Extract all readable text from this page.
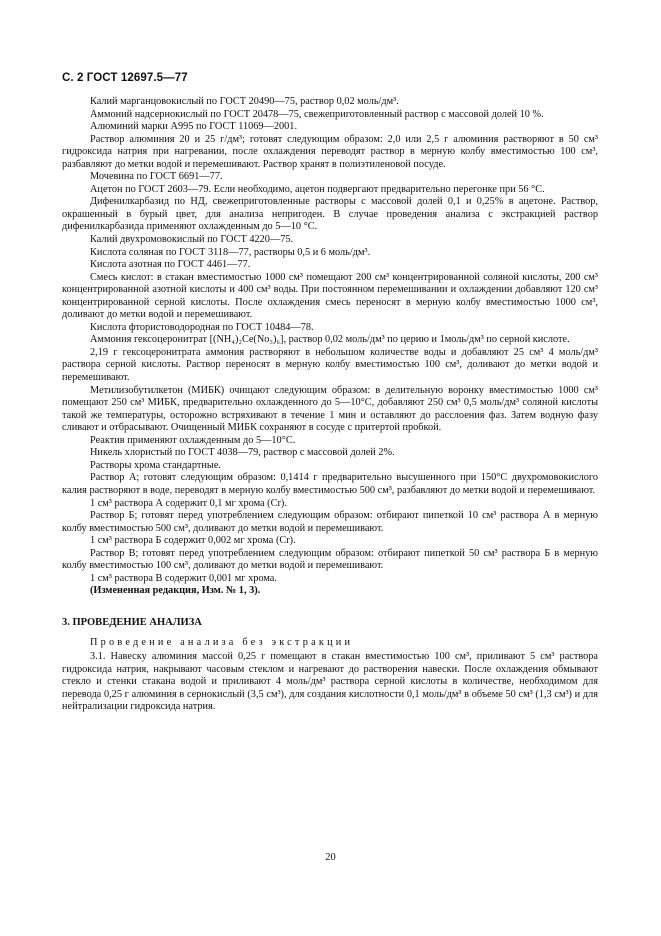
С. 2 ГОСТ 12697.5—77

Калий марганцовокислый по ГОСТ 20490—75, раствор 0,02 моль/дм³.

Аммоний надсернокислый по ГОСТ 20478—75, свежеприготовленный раствор с массовой долей 10 %.

Алюминий марки А995 по ГОСТ 11069—2001.

Раствор алюминия 20 и 25 г/дм³; готовят следующим образом: 2,0 или 2,5 г алюминия растворяют в 50 см³ гидроксида натрия при нагревании, после охлаждения переводят раствор в мерную колбу вместимостью 100 см³, разбавляют до метки водой и перемешивают. Раствор хранят в полиэтиленовой посуде.

Мочевина по ГОСТ 6691—77.

Ацетон по ГОСТ 2603—79. Если необходимо, ацетон подвергают предварительно перегонке при 56 °С.

Дифенилкарбазид по НД, свежеприготовленные растворы с массовой долей 0,1 и 0,25% в ацетоне. Раствор, окрашенный в бурый цвет, для анализа непригоден. В случае проведения анализа с экстракцией раствор дифенилкарбазида применяют охлажденным до 5—10 °С.

Калий двухромовокислый по ГОСТ 4220—75.

Кислота соляная по ГОСТ 3118—77, растворы 0,5 и 6 моль/дм³.

Кислота азотная по ГОСТ 4461—77.

Смесь кислот: в стакан вместимостью 1000 см³ помещают 200 см³ концентрированной соляной кислоты, 200 см³ концентрированной азотной кислоты и 400 см³ воды. При постоянном перемешивании и охлаждении добавляют 120 см³ концентрированной серной кислоты. После охлаждения смесь переносят в мерную колбу вместимостью 1000 см³, доливают до метки водой и перемешивают.

Кислота фтористоводородная по ГОСТ 10484—78.

Аммония гексоцеронитрат [(NH₄)₂Ce(No₃)₆], раствор 0,02 моль/дм³ по церию и 1моль/дм³ по серной кислоте.

2,19 г гексоцеронитрата аммония растворяют в небольшом количестве воды и добавляют 25 см³ 4 моль/дм³ раствора серной кислоты. Раствор переносят в мерную колбу вместимостью 100 см³, доливают до метки водой и перемешивают.

Метилизобутилкетон (МИБК) очищают следующим образом: в делительную воронку вместимостью 1000 см³ помещают 250 см³ МИБК, предварительно охлажденного до 5—10°С, добавляют 250 см³ 0,5 моль/дм³ соляной кислоты такой же температуры, осторожно встряхивают в течение 1 мин и оставляют до расслоения фаз. Затем водную фазу сливают и отбрасывают. Очищенный МИБК сохраняют в сосуде с притертой пробкой.

Реактив применяют охлажденным до 5—10°С.

Никель хлористый по ГОСТ 4038—79, раствор с массовой долей 2%.

Растворы хрома стандартные.

Раствор А; готовят следующим образом: 0,1414 г предварительно высушенного при 150°С двухромовокислого калия растворяют в воде, переводят в мерную колбу вместимостью 500 см³, разбавляют до метки водой и перемешивают.

1 см³ раствора А содержит 0,1 мг хрома (Cr).

Раствор Б; готовят перед употреблением следующим образом: отбирают пипеткой 10 см³ раствора А в мерную колбу вместимостью 500 см³, доливают до метки водой и перемешивают.

1 см³ раствора Б содержит 0,002 мг хрома (Cr).

Раствор В; готовят перед употреблением следующим образом: отбирают пипеткой 50 см³ раствора Б в мерную колбу вместимостью 100 см³, доливают до метки водой и перемешивают.

1 см³ раствора В содержит 0,001 мг хрома.

(Измененная редакция, Изм. № 1, 3).

3. ПРОВЕДЕНИЕ АНАЛИЗА

Проведение анализа без экстракции

3.1. Навеску алюминия массой 0,25 г помещают в стакан вместимостью 100 см³, приливают 5 см³ раствора гидроксида натрия, накрывают часовым стеклом и нагревают до растворения навески. После охлаждения обмывают стекло и стенки стакана водой и приливают 4 моль/дм³ раствора серной кислоты в количестве, необходимом для перевода 0,25 г алюминия в сернокислый (3,5 см³), для создания кислотности 0,1 моль/дм³ в объеме 50 см³ (1,3 см³) и для нейтрализации гидроксида натрия.

20
